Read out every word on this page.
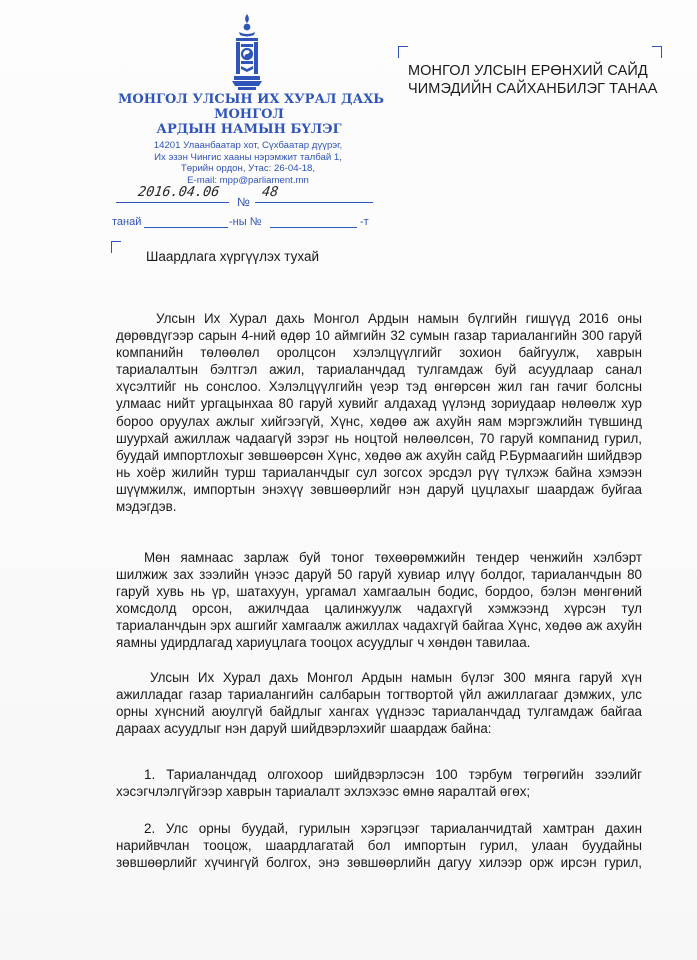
МОНГОЛ УЛСЫН ИХ ХУРАЛ ДАХЬ
МОНГОЛ
АРДЫН НАМЫН БҮЛЭГ
14201 Улаанбаатар хот, Сүхбаатар дүүрэг,
Их эзэн Чингис хааны нэрэмжит талбай 1,
Төрийн ордон, Утас: 26-04-18,
E-mail: mpp@parliament.mn
МОНГОЛ УЛСЫН ЕРӨНХИЙ САЙД
ЧИМЭДИЙН САЙХАНБИЛЭГ ТАНАА
2016.04.06
№
48
танай	-ны №	-т
Шаардлага хүргүүлэх тухай
Улсын Их Хурал дахь Монгол Ардын намын бүлгийн гишүүд 2016 оны
дөрөвдүгээр сарын 4-ний өдөр 10 аймгийн 32 сумын газар тариалангийн 300 гаруй
компанийн төлөөлөл оролцсон хэлэлцүүлгийг зохион байгуулж, хаврын
тариалалтын бэлтгэл ажил, тариаланчдад тулгамдаж буй асуудлаар санал
хүсэлтийг нь сонслоо. Хэлэлцүүлгийн үеэр тэд өнгөрсөн жил ган гачиг болсны
улмаас нийт ургацынхаа 80 гаруй хувийг алдахад үүлэнд зориудаар нөлөөлж хур
бороо оруулах ажлыг хийгээгүй, Хүнс, хөдөө аж ахуйн яам мэргэжлийн түвшинд
шуурхай ажиллаж чадаагүй зэрэг нь ноцтой нөлөөлсөн, 70 гаруй компанид гурил,
буудай импортлохыг зөвшөөрсөн Хүнс, хөдөө аж ахуйн сайд Р.Бурмаагийн шийдвэр
нь хоёр жилийн турш тариаланчдыг сул зогсох эрсдэл рүү түлхэж байна хэмээн
шүүмжилж, импортын энэхүү зөвшөөрлийг нэн даруй цуцлахыг шаардаж буйгаа
мэдэгдэв.
Мөн яамнаас зарлаж буй тоног төхөөрөмжийн тендер ченжийн хэлбэрт
шилжиж зах зээлийн үнээс даруй 50 гаруй хувиар илүү болдог, тариаланчдын 80
гаруй хувь нь үр, шатахуун, ургамал хамгаалын бодис, бордоо, бэлэн мөнгөний
хомсдолд орсон, ажилчдаа цалинжуулж чадахгүй хэмжээнд хүрсэн тул
тариаланчдын эрх ашгийг хамгаалж ажиллах чадахгүй байгаа Хүнс, хөдөө аж ахуйн
яамны удирдлагад хариуцлага тооцох асуудлыг ч хөндөн тавилаа.
Улсын Их Хурал дахь Монгол Ардын намын бүлэг 300 мянга гаруй хүн
ажилладаг газар тариалангийн салбарын тогтвортой үйл ажиллагааг дэмжих, улс
орны хүнсний аюулгүй байдлыг хангах үүднээс тариаланчдад тулгамдаж байгаа
дараах асуудлыг нэн даруй шийдвэрлэхийг шаардаж байна:
1. Тариаланчдад олгохоор шийдвэрлэсэн 100 тэрбум төгрөгийн зээлийг
хэсэгчлэлгүйгээр хаврын тариалалт эхлэхээс өмнө яаралтай өгөх;
2. Улс орны буудай, гурилын хэрэгцээг тариаланчидтай хамтран дахин
нарийвчлан тооцож, шаардлагатай бол импортын гурил, улаан буудайны
зөвшөөрлийг хүчингүй болгох, энэ зөвшөөрлийн дагуу хилээр орж ирсэн гурил,
